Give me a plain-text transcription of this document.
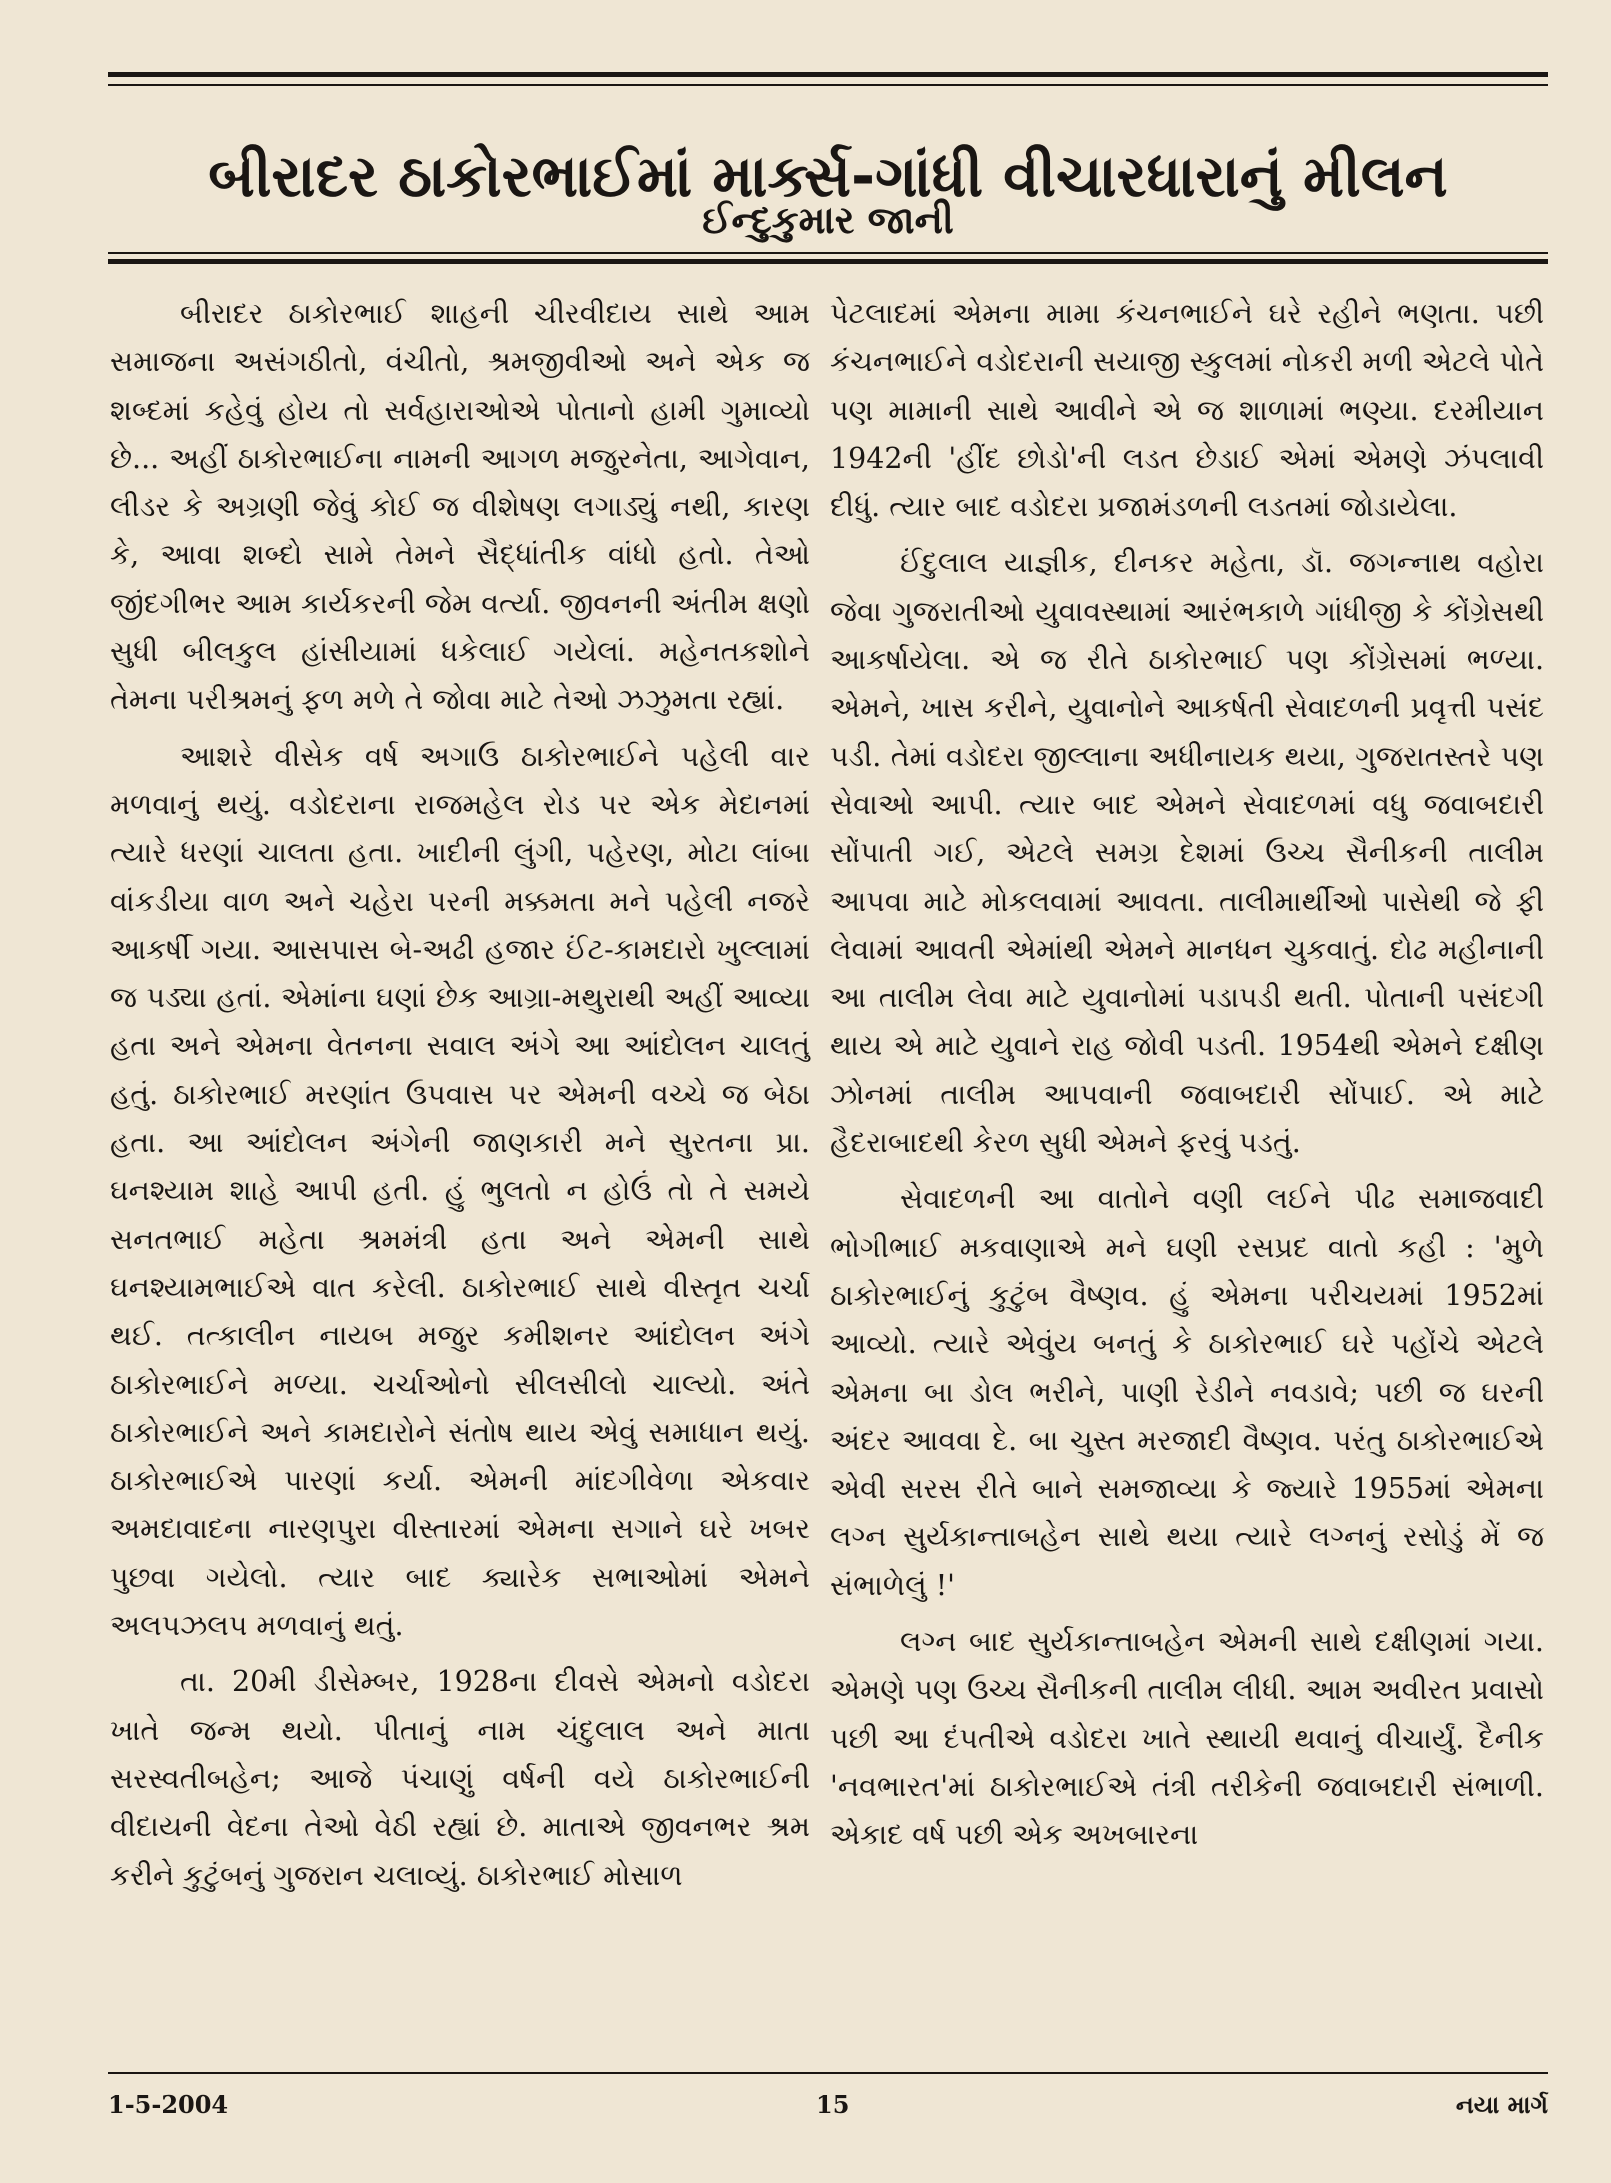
બીરાદર ઠાકોરભાઈમાં માર્ક્સ-ગાંધી વીચારધારાનું મીલન
ઈન્દુકુમાર જાની

બીરાદર ઠાકોરભાઈ શાહની ચીરવીદાય સાથે આમ સમાજના અસંગઠીતો, વંચીતો, શ્રમજીવીઓ અને એક જ શબ્દમાં કહેવું હોય તો સર્વહારાઓએ પોતાનો હામી ગુમાવ્યો છે... અહીં ઠાકોરભાઈના નામની આગળ મજુરનેતા, આગેવાન, લીડર કે અગ્રણી જેવું કોઈ જ વીશેષણ લગાડ્યું નથી, કારણ કે, આવા શબ્દો સામે તેમને સૈદ્ધાંતીક વાંધો હતો. તેઓ જીંદગીભર આમ કાર્યકરની જેમ વર્ત્યા. જીવનની અંતીમ ક્ષણો સુધી બીલકુલ હાંસીયામાં ધકેલાઈ ગયેલાં. મહેનતકશોને તેમના પરીશ્રમનું ફળ મળે તે જોવા માટે તેઓ ઝઝુમતા રહ્યાં.

આશરે વીસેક વર્ષ અગાઉ ઠાકોરભાઈને પહેલી વાર મળવાનું થયું. વડોદરાના રાજમહેલ રોડ પર એક મેદાનમાં ત્યારે ધરણાં ચાલતા હતા. ખાદીની લુંગી, પહેરણ, મોટા લાંબા વાંકડીયા વાળ અને ચહેરા પરની મક્કમતા મને પહેલી નજરે આકર્ષી ગયા. આસપાસ બે-અઢી હજાર ઈંટ-કામદારો ખુલ્લામાં જ પડ્યા હતાં. એમાંના ઘણાં છેક આગ્રા-મથુરાથી અહીં આવ્યા હતા અને એમના વેતનના સવાલ અંગે આ આંદોલન ચાલતું હતું. ઠાકોરભાઈ મરણાંત ઉપવાસ પર એમની વચ્ચે જ બેઠા હતા. આ આંદોલન અંગેની જાણકારી મને સુરતના પ્રા. ઘનશ્યામ શાહે આપી હતી. હું ભુલતો ન હોઉં તો તે સમયે સનતભાઈ મહેતા શ્રમમંત્રી હતા અને એમની સાથે ઘનશ્યામભાઈએ વાત કરેલી. ઠાકોરભાઈ સાથે વીસ્તૃત ચર્ચા થઈ. તત્કાલીન નાયબ મજુર કમીશનર આંદોલન અંગે ઠાકોરભાઈને મળ્યા. ચર્ચાઓનો સીલસીલો ચાલ્યો. અંતે ઠાકોરભાઈને અને કામદારોને સંતોષ થાય એવું સમાધાન થયું. ઠાકોરભાઈએ પારણાં કર્યા. એમની માંદગીવેળા એકવાર અમદાવાદના નારણપુરા વીસ્તારમાં એમના સગાને ઘરે ખબર પુછવા ગયેલો. ત્યાર બાદ ક્યારેક સભાઓમાં એમને અલપઝલપ મળવાનું થતું.

તા. 20મી ડીસેમ્બર, 1928ના દીવસે એમનો વડોદરા ખાતે જન્મ થયો. પીતાનું નામ ચંદુલાલ અને માતા સરસ્વતીબહેન; આજે પંચાણું વર્ષની વયે ઠાકોરભાઈની વીદાયની વેદના તેઓ વેઠી રહ્યાં છે. માતાએ જીવનભર શ્રમ કરીને કુટુંબનું ગુજરાન ચલાવ્યું. ઠાકોરભાઈ મોસાળ

પેટલાદમાં એમના મામા કંચનભાઈને ઘરે રહીને ભણતા. પછી કંચનભાઈને વડોદરાની સયાજી સ્કુલમાં નોકરી મળી એટલે પોતે પણ મામાની સાથે આવીને એ જ શાળામાં ભણ્યા. દરમીયાન 1942ની 'હીંદ છોડો'ની લડત છેડાઈ એમાં એમણે ઝંપલાવી દીધું. ત્યાર બાદ વડોદરા પ્રજામંડળની લડતમાં જોડાયેલા.

ઈંદુલાલ યાજ્ઞીક, દીનકર મહેતા, ડૉ. જગન્નાથ વહોરા જેવા ગુજરાતીઓ યુવાવસ્થામાં આરંભકાળે ગાંધીજી કે કોંગ્રેસથી આકર્ષાયેલા. એ જ રીતે ઠાકોરભાઈ પણ કોંગ્રેસમાં ભળ્યા. એમને, ખાસ કરીને, યુવાનોને આકર્ષતી સેવાદળની પ્રવૃત્તી પસંદ પડી. તેમાં વડોદરા જીલ્લાના અધીનાયક થયા, ગુજરાતસ્તરે પણ સેવાઓ આપી. ત્યાર બાદ એમને સેવાદળમાં વધુ જવાબદારી સોંપાતી ગઈ, એટલે સમગ્ર દેશમાં ઉચ્ચ સૈનીકની તાલીમ આપવા માટે મોકલવામાં આવતા. તાલીમાર્થીઓ પાસેથી જે ફી લેવામાં આવતી એમાંથી એમને માનધન ચુકવાતું. દોઢ મહીનાની આ તાલીમ લેવા માટે યુવાનોમાં પડાપડી થતી. પોતાની પસંદગી થાય એ માટે યુવાને રાહ જોવી પડતી. 1954થી એમને દક્ષીણ ઝોનમાં તાલીમ આપવાની જવાબદારી સોંપાઈ. એ માટે હૈદરાબાદથી કેરળ સુધી એમને ફરવું પડતું.

સેવાદળની આ વાતોને વણી લઈને પીઢ સમાજવાદી ભોગીભાઈ મકવાણાએ મને ઘણી રસપ્રદ વાતો કહી : 'મુળે ઠાકોરભાઈનું કુટુંબ વૈષ્ણવ. હું એમના પરીચયમાં 1952માં આવ્યો. ત્યારે એવુંય બનતું કે ઠાકોરભાઈ ઘરે પહોંચે એટલે એમના બા ડોલ ભરીને, પાણી રેડીને નવડાવે; પછી જ ઘરની અંદર આવવા દે. બા ચુસ્ત મરજાદી વૈષ્ણવ. પરંતુ ઠાકોરભાઈએ એવી સરસ રીતે બાને સમજાવ્યા કે જ્યારે 1955માં એમના લગ્ન સુર્યકાન્તાબહેન સાથે થયા ત્યારે લગ્નનું રસોડું મેં જ સંભાળેલું !'

લગ્ન બાદ સુર્યકાન્તાબહેન એમની સાથે દક્ષીણમાં ગયા. એમણે પણ ઉચ્ચ સૈનીકની તાલીમ લીધી. આમ અવીરત પ્રવાસો પછી આ દંપતીએ વડોદરા ખાતે સ્થાયી થવાનું વીચાર્યું. દૈનીક 'નવભારત'માં ઠાકોરભાઈએ તંત્રી તરીકેની જવાબદારી સંભાળી. એકાદ વર્ષ પછી એક અખબારના

1-5-2004	15	નયા માર્ગ
